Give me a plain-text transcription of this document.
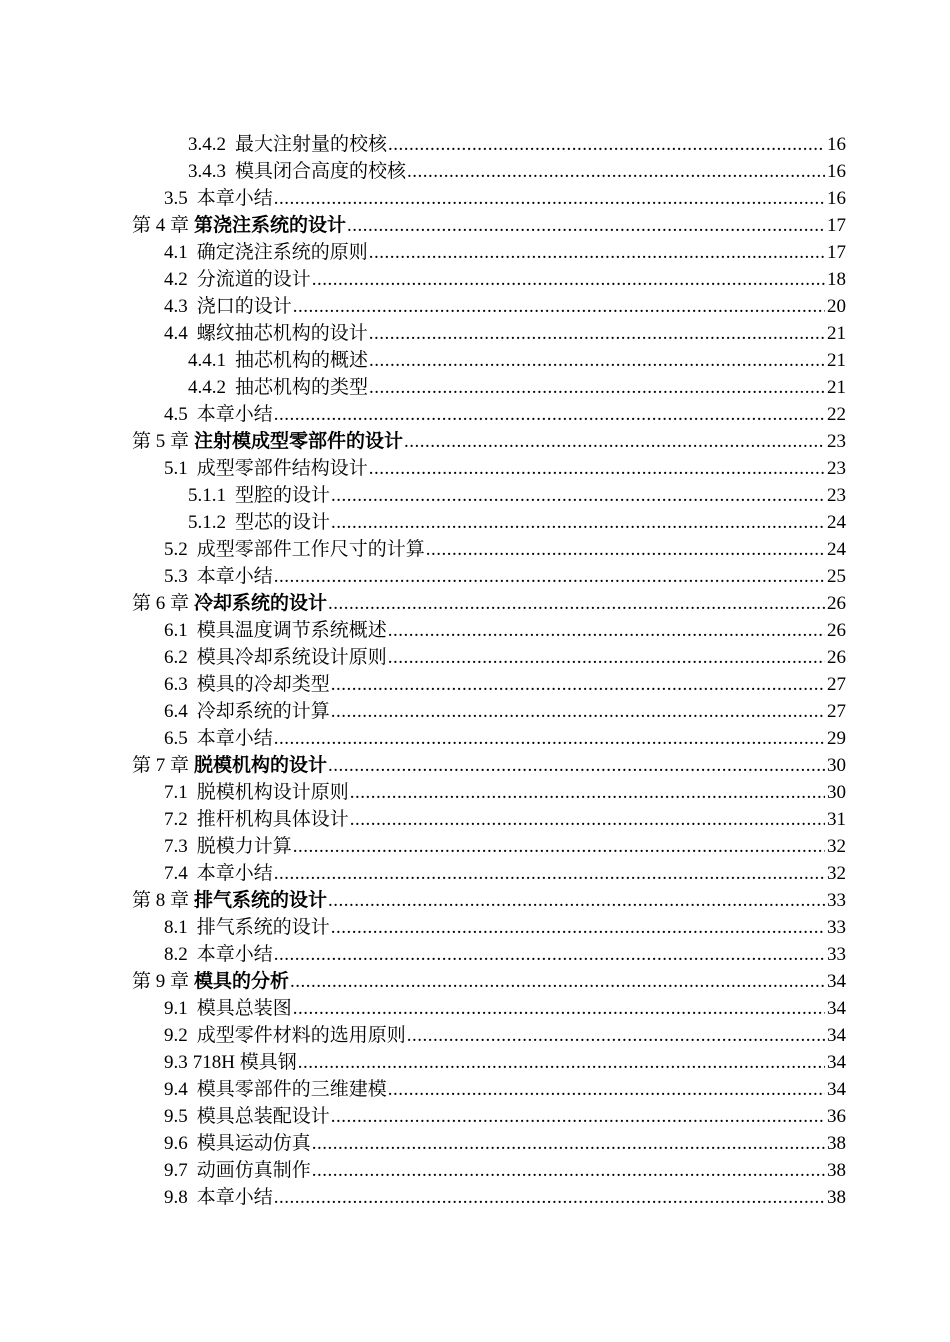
3.4.2 最大注射量的校核 .....	16
3.4.3 模具闭合高度的校核 .....	16
3.5 本章小结 .....	16
第 4 章 第浇注系统的设计 .....	17
4.1 确定浇注系统的原则 .....	17
4.2 分流道的设计 .....	18
4.3 浇口的设计 .....	20
4.4 螺纹抽芯机构的设计 .....	21
4.4.1 抽芯机构的概述 .....	21
4.4.2 抽芯机构的类型 .....	21
4.5 本章小结 .....	22
第 5 章 注射模成型零部件的设计 .....	23
5.1 成型零部件结构设计 .....	23
5.1.1 型腔的设计 .....	23
5.1.2 型芯的设计 .....	24
5.2 成型零部件工作尺寸的计算 .....	24
5.3 本章小结 .....	25
第 6 章 冷却系统的设计 .....	26
6.1 模具温度调节系统概述 .....	26
6.2 模具冷却系统设计原则 .....	26
6.3 模具的冷却类型 .....	27
6.4 冷却系统的计算 .....	27
6.5 本章小结 .....	29
第 7 章 脱模机构的设计 .....	30
7.1 脱模机构设计原则 .....	30
7.2 推杆机构具体设计 .....	31
7.3 脱模力计算 .....	32
7.4 本章小结 .....	32
第 8 章 排气系统的设计 .....	33
8.1 排气系统的设计 .....	33
8.2 本章小结 .....	33
第 9 章 模具的分析 .....	34
9.1 模具总装图 .....	34
9.2 成型零件材料的选用原则 .....	34
9.3 718H 模具钢 .....	34
9.4 模具零部件的三维建模 .....	34
9.5 模具总装配设计 .....	36
9.6 模具运动仿真 .....	38
9.7 动画仿真制作 .....	38
9.8 本章小结 .....	38
